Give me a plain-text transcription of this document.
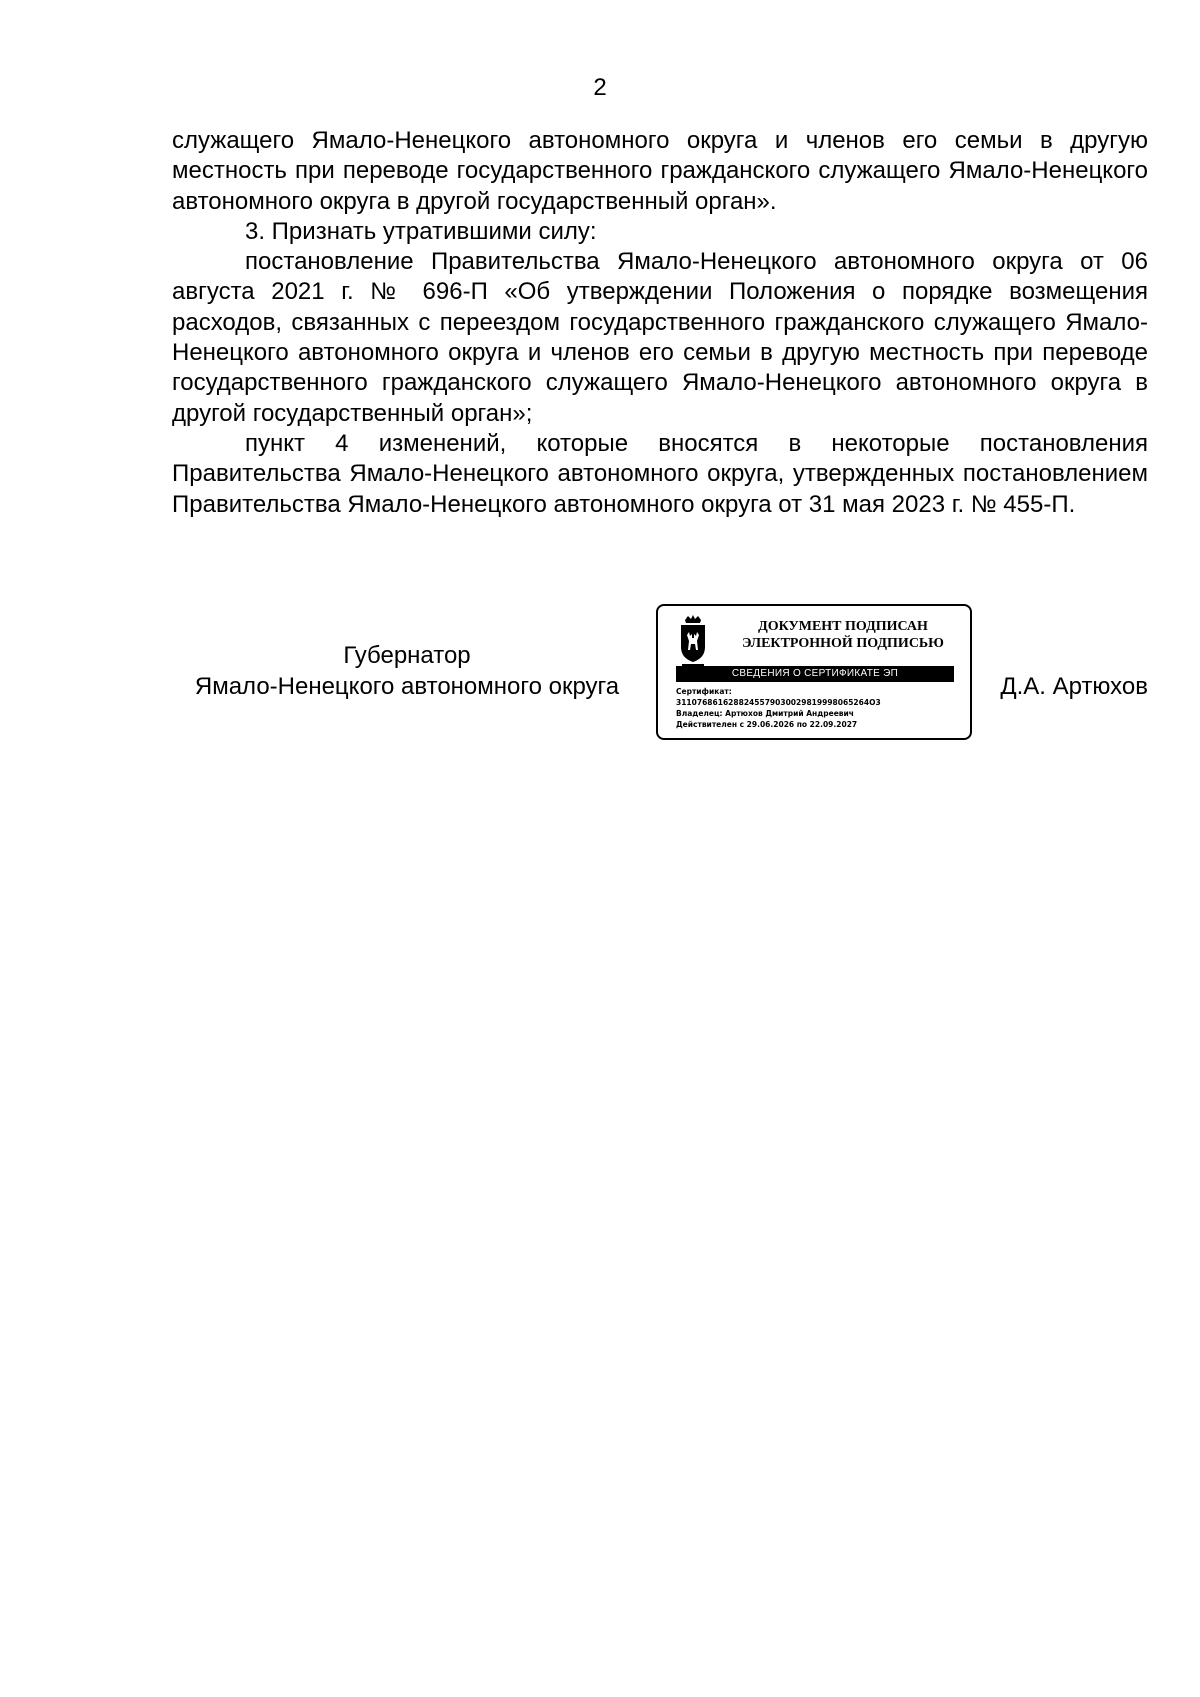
2

служащего Ямало-Ненецкого автономного округа и членов его семьи в другую местность при переводе государственного гражданского служащего Ямало-Ненецкого автономного округа в другой государственный орган».

3. Признать утратившими силу:

постановление Правительства Ямало-Ненецкого автономного округа от 06 августа 2021 г. № 696-П «Об утверждении Положения о порядке возмещения расходов, связанных с переездом государственного гражданского служащего Ямало-Ненецкого автономного округа и членов его семьи в другую местность при переводе государственного гражданского служащего Ямало-Ненецкого автономного округа в другой государственный орган»;

пункт 4 изменений, которые вносятся в некоторые постановления Правительства Ямало-Ненецкого автономного округа, утвержденных постановлением Правительства Ямало-Ненецкого автономного округа от 31 мая 2023 г. № 455-П.

Губернатор
Ямало-Ненецкого автономного округа

ДОКУМЕНТ ПОДПИСАН
ЭЛЕКТРОННОЙ ПОДПИСЬЮ

СВЕДЕНИЯ О СЕРТИФИКАТЕ ЭП
Сертификат:
3110768616288245579030029819998065264O3
Владелец: Артюхов Дмитрий Андреевич
Действителен с 29.06.2026 по 22.09.2027

Д.А. Артюхов
